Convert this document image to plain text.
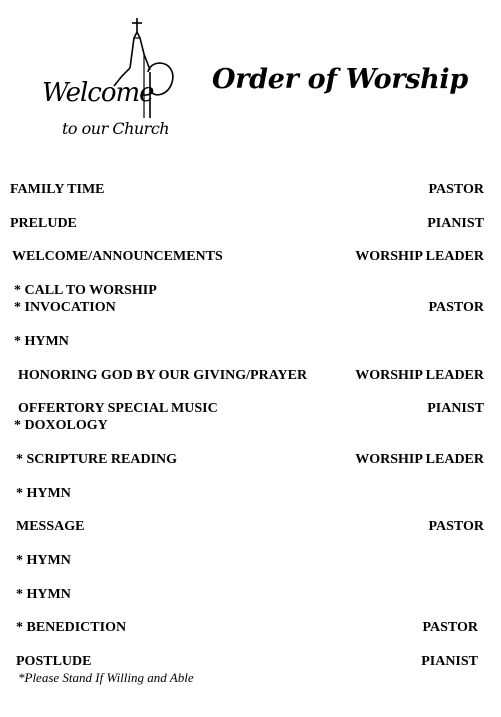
Welcome
to our Church
Order of Worship
FAMILY TIME	PASTOR
PRELUDE	PIANIST
WELCOME/ANNOUNCEMENTS	WORSHIP LEADER
* CALL TO WORSHIP
* INVOCATION	PASTOR
* HYMN
HONORING GOD BY OUR GIVING/PRAYER	WORSHIP LEADER
OFFERTORY SPECIAL MUSIC	PIANIST
* DOXOLOGY
* SCRIPTURE READING	WORSHIP LEADER
* HYMN
MESSAGE	PASTOR
* HYMN
* HYMN
* BENEDICTION	PASTOR
POSTLUDE	PIANIST
*Please Stand If Willing and Able
